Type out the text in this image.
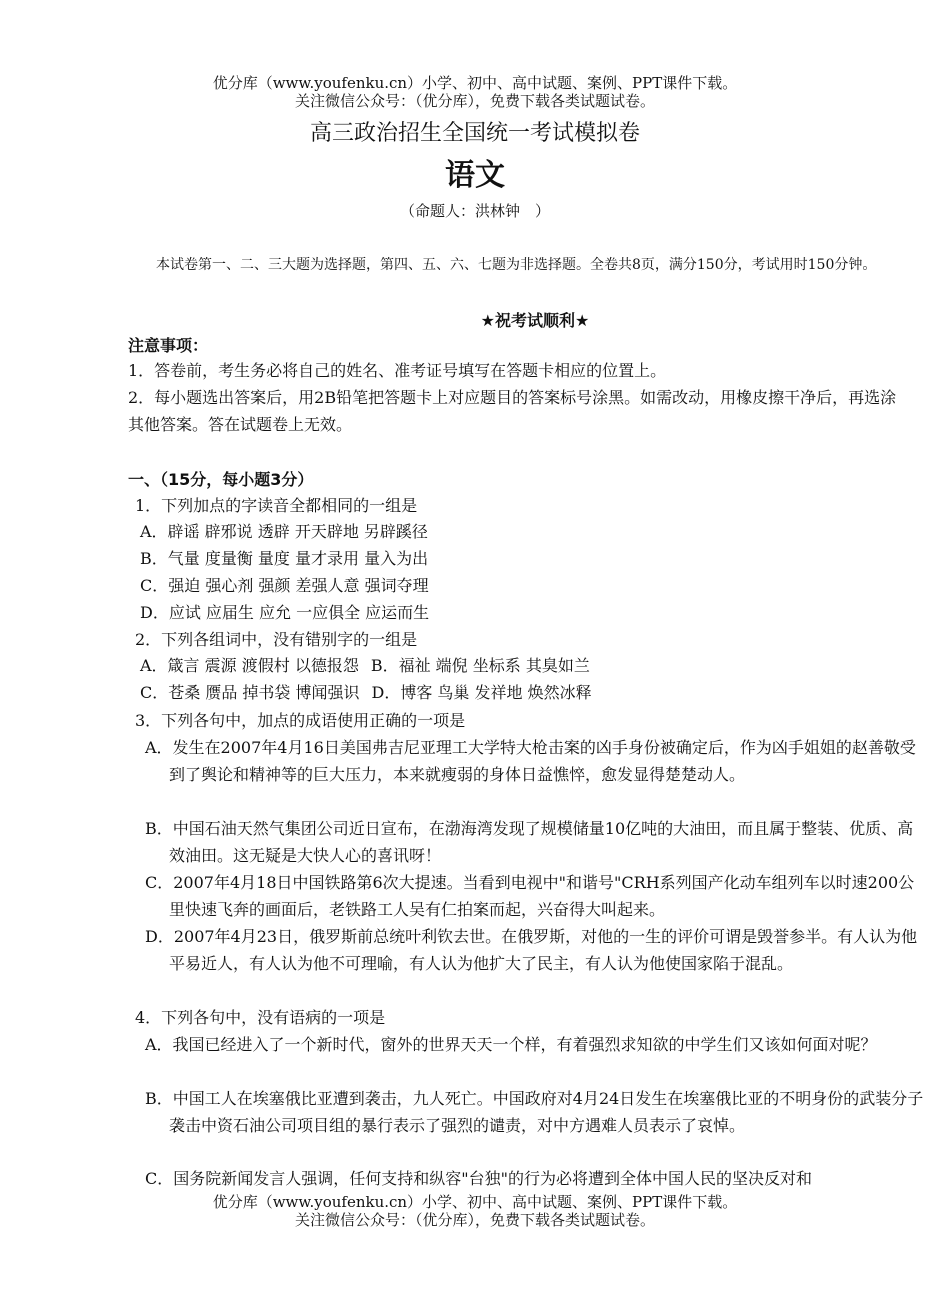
优分库（www.youfenku.cn）小学、初中、高中试题、案例、PPT课件下载。
关注微信公众号：（优分库），免费下载各类试题试卷。
高三政治招生全国统一考试模拟卷
语文
（命题人：洪林钟　）
本试卷第一、二、三大题为选择题，第四、五、六、七题为非选择题。全卷共8页，满分150分，考试用时150分钟。
★祝考试顺利★
注意事项：
1．答卷前，考生务必将自己的姓名、准考证号填写在答题卡相应的位置上。
2．每小题选出答案后，用2B铅笔把答题卡上对应题目的答案标号涂黑。如需改动，用橡皮擦干净后，再选涂其他答案。答在试题卷上无效。
一、（15分，每小题3分）
1．下列加点的字读音全都相同的一组是
A．辟谣 辟邪说 透辟 开天辟地 另辟蹊径
B．气量 度量衡 量度 量才录用 量入为出
C．强迫 强心剂 强颜 差强人意 强词夺理
D．应试 应届生 应允 一应俱全 应运而生
2．下列各组词中，没有错别字的一组是
A．箴言 震源 渡假村 以德报怨 B．福祉 端倪 坐标系 其臭如兰
C．苍桑 赝品 掉书袋 博闻强识 D．博客 鸟巢 发祥地 焕然冰释
3．下列各句中，加点的成语使用正确的一项是
A．发生在2007年4月16日美国弗吉尼亚理工大学特大枪击案的凶手身份被确定后，作为凶手姐姐的赵善敬受到了舆论和精神等的巨大压力，本来就瘦弱的身体日益憔悴，愈发显得楚楚动人。
B．中国石油天然气集团公司近日宣布，在渤海湾发现了规模储量10亿吨的大油田，而且属于整装、优质、高效油田。这无疑是大快人心的喜讯呀！
C．2007年4月18日中国铁路第6次大提速。当看到电视中"和谐号"CRH系列国产化动车组列车以时速200公里快速飞奔的画面后，老铁路工人吴有仁拍案而起，兴奋得大叫起来。
D．2007年4月23日，俄罗斯前总统叶利钦去世。在俄罗斯，对他的一生的评价可谓是毁誉参半。有人认为他平易近人，有人认为他不可理喻，有人认为他扩大了民主，有人认为他使国家陷于混乱。
4．下列各句中，没有语病的一项是
A．我国已经进入了一个新时代，窗外的世界天天一个样，有着强烈求知欲的中学生们又该如何面对呢？
B．中国工人在埃塞俄比亚遭到袭击，九人死亡。中国政府对4月24日发生在埃塞俄比亚的不明身份的武装分子袭击中资石油公司项目组的暴行表示了强烈的谴责，对中方遇难人员表示了哀悼。
C．国务院新闻发言人强调，任何支持和纵容"台独"的行为必将遭到全体中国人民的坚决反对和
优分库（www.youfenku.cn）小学、初中、高中试题、案例、PPT课件下载。
关注微信公众号：（优分库），免费下载各类试题试卷。
